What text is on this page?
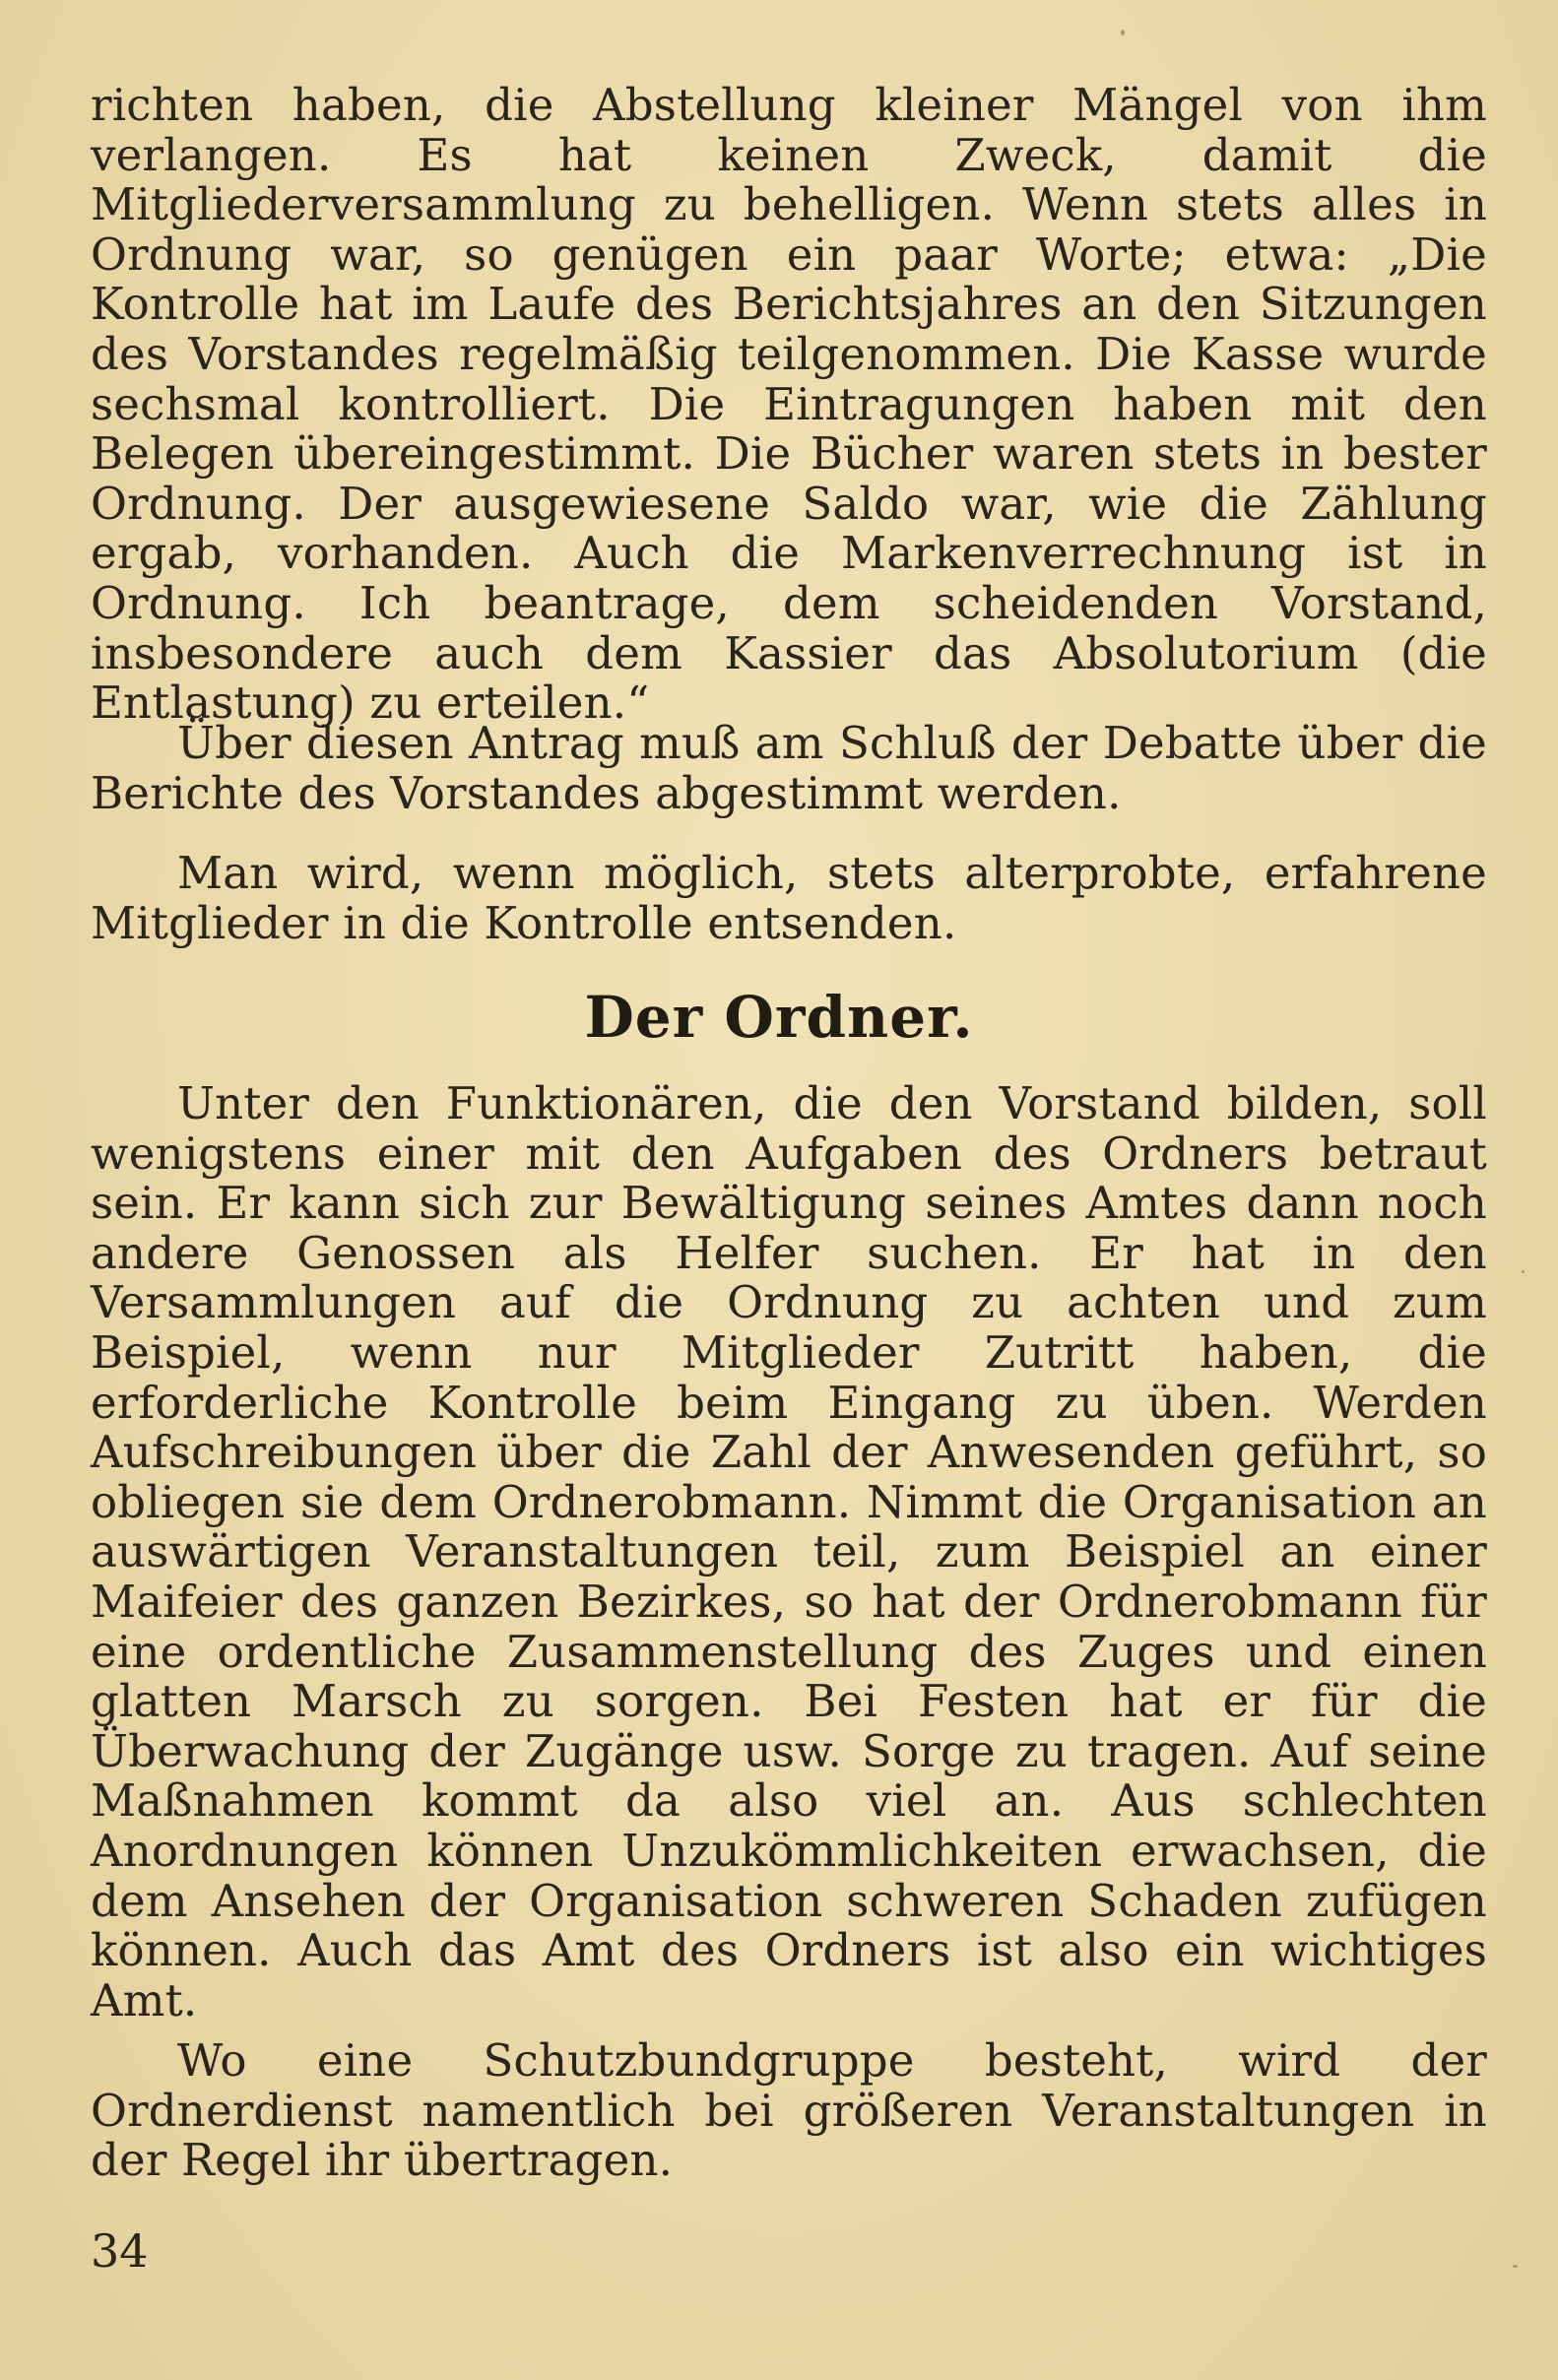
richten haben, die Abstellung kleiner Mängel von ihm verlangen. Es hat keinen Zweck, damit die Mitgliederversammlung zu behelligen. Wenn stets alles in Ordnung war, so genügen ein paar Worte; etwa: „Die Kontrolle hat im Laufe des Berichtsjahres an den Sitzungen des Vorstandes regelmäßig teilgenommen. Die Kasse wurde sechsmal kontrolliert. Die Eintragungen haben mit den Belegen übereingestimmt. Die Bücher waren stets in bester Ordnung. Der ausgewiesene Saldo war, wie die Zählung ergab, vorhanden. Auch die Markenverrechnung ist in Ordnung. Ich beantrage, dem scheidenden Vorstand, insbesondere auch dem Kassier das Absolutorium (die Entlastung) zu erteilen.“

Über diesen Antrag muß am Schluß der Debatte über die Berichte des Vorstandes abgestimmt werden.

Man wird, wenn möglich, stets alterprobte, erfahrene Mitglieder in die Kontrolle entsenden.

Der Ordner.

Unter den Funktionären, die den Vorstand bilden, soll wenigstens einer mit den Aufgaben des Ordners betraut sein. Er kann sich zur Bewältigung seines Amtes dann noch andere Genossen als Helfer suchen. Er hat in den Versammlungen auf die Ordnung zu achten und zum Beispiel, wenn nur Mitglieder Zutritt haben, die erforderliche Kontrolle beim Eingang zu üben. Werden Aufschreibungen über die Zahl der Anwesenden geführt, so obliegen sie dem Ordnerobmann. Nimmt die Organisation an auswärtigen Veranstaltungen teil, zum Beispiel an einer Maifeier des ganzen Bezirkes, so hat der Ordnerobmann für eine ordentliche Zusammenstellung des Zuges und einen glatten Marsch zu sorgen. Bei Festen hat er für die Überwachung der Zugänge usw. Sorge zu tragen. Auf seine Maßnahmen kommt da also viel an. Aus schlechten Anordnungen können Unzukömmlichkeiten erwachsen, die dem Ansehen der Organisation schweren Schaden zufügen können. Auch das Amt des Ordners ist also ein wichtiges Amt.

Wo eine Schutzbundgruppe besteht, wird der Ordnerdienst namentlich bei größeren Veranstaltungen in der Regel ihr übertragen.

34
